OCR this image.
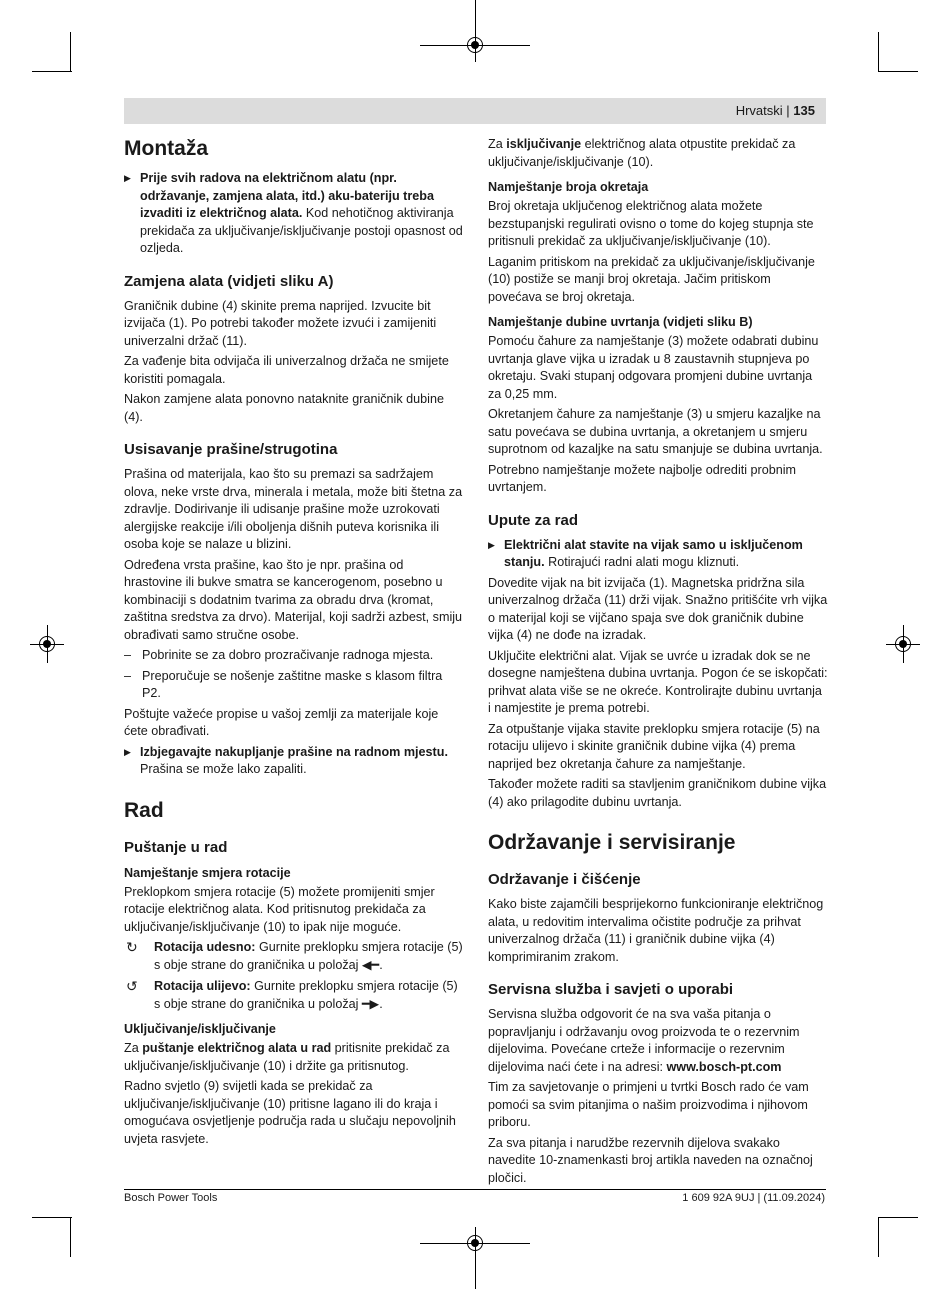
Hrvatski | 135
Montaža

▶ Prije svih radova na električnom alatu (npr. održavanje, zamjena alata, itd.) aku-bateriju treba izvaditi iz električnog alata. Kod nehotičnog aktiviranja prekidača za uključivanje/isključivanje postoji opasnost od ozljeda.

Zamjena alata (vidjeti sliku A)

Graničnik dubine (4) skinite prema naprijed. Izvucite bit izvijača (1). Po potrebi također možete izvući i zamijeniti univerzalni držač (11).

Za vađenje bita odvijača ili univerzalnog držača ne smijete koristiti pomagala.

Nakon zamjene alata ponovno nataknite graničnik dubine (4).

Usisavanje prašine/strugotina

Prašina od materijala, kao što su premazi sa sadržajem olova, neke vrste drva, minerala i metala, može biti štetna za zdravlje. Dodirivanje ili udisanje prašine može uzrokovati alergijske reakcije i/ili oboljenja dišnih puteva korisnika ili osoba koje se nalaze u blizini.

Određena vrsta prašine, kao što je npr. prašina od hrastovine ili bukve smatra se kancerogenom, posebno u kombinaciji s dodatnim tvarima za obradu drva (kromat, zaštitna sredstva za drvo). Materijal, koji sadrži azbest, smiju obrađivati samo stručne osobe.

– Pobrinite se za dobro prozračivanje radnoga mjesta.

– Preporučuje se nošenje zaštitne maske s klasom filtra P2.

Poštujte važeće propise u vašoj zemlji za materijale koje ćete obrađivati.

▶ Izbjegavajte nakupljanje prašine na radnom mjestu.
Prašina se može lako zapaliti.

Rad
Puštanje u rad
Namještanje smjera rotacije

Preklopkom smjera rotacije (5) možete promijeniti smjer rotacije električnog alata. Kod pritisnutog prekidača za uključivanje/isključivanje (10) to ipak nije moguće.

↻ Rotacija udesno: Gurnite preklopku smjera rotacije (5) s obje strane do graničnika u položaj ◀━.

↺ Rotacija ulijevo: Gurnite preklopku smjera rotacije (5) s obje strane do graničnika u položaj ━▶.

Uključivanje/isključivanje

Za puštanje električnog alata u rad pritisnite prekidač za uključivanje/isključivanje (10) i držite ga pritisnutog.

Radno svjetlo (9) svijetli kada se prekidač za uključivanje/isključivanje (10) pritisne lagano ili do kraja i omogućava osvjetljenje područja rada u slučaju nepovoljnih uvjeta rasvjete.

Za isključivanje električnog alata otpustite prekidač za uključivanje/isključivanje (10).

Namještanje broja okretaja

Broj okretaja uključenog električnog alata možete bezstupanjski regulirati ovisno o tome do kojeg stupnja ste pritisnuli prekidač za uključivanje/isključivanje (10).

Laganim pritiskom na prekidač za uključivanje/isključivanje (10) postiže se manji broj okretaja. Jačim pritiskom povećava se broj okretaja.

Namještanje dubine uvrtanja (vidjeti sliku B)

Pomoću čahure za namještanje (3) možete odabrati dubinu uvrtanja glave vijka u izradak u 8 zaustavnih stupnjeva po okretaju. Svaki stupanj odgovara promjeni dubine uvrtanja za 0,25 mm.

Okretanjem čahure za namještanje (3) u smjeru kazaljke na satu povećava se dubina uvrtanja, a okretanjem u smjeru suprotnom od kazaljke na satu smanjuje se dubina uvrtanja.

Potrebno namještanje možete najbolje odrediti probnim uvrtanjem.

Upute za rad

▶ Električni alat stavite na vijak samo u isključenom stanju. Rotirajući radni alati mogu kliznuti.

Dovedite vijak na bit izvijača (1). Magnetska pridržna sila univerzalnog držača (11) drži vijak. Snažno pritišćite vrh vijka o materijal koji se vijčano spaja sve dok graničnik dubine vijka (4) ne dođe na izradak.

Uključite električni alat. Vijak se uvrće u izradak dok se ne dosegne namještena dubina uvrtanja. Pogon će se iskopčati: prihvat alata više se ne okreće. Kontrolirajte dubinu uvrtanja i namjestite je prema potrebi.

Za otpuštanje vijaka stavite preklopku smjera rotacije (5) na rotaciju ulijevo i skinite graničnik dubine vijka (4) prema naprijed bez okretanja čahure za namještanje.

Također možete raditi sa stavljenim graničnikom dubine vijka (4) ako prilagodite dubinu uvrtanja.

Održavanje i servisiranje
Održavanje i čišćenje

Kako biste zajamčili besprijekorno funkcioniranje električnog alata, u redovitim intervalima očistite područje za prihvat univerzalnog držača (11) i graničnik dubine vijka (4) komprimiranim zrakom.

Servisna služba i savjeti o uporabi

Servisna služba odgovorit će na sva vaša pitanja o popravljanju i održavanju ovog proizvoda te o rezervnim dijelovima. Povećane crteže i informacije o rezervnim dijelovima naći ćete i na adresi: www.bosch-pt.com

Tim za savjetovanje o primjeni u tvrtki Bosch rado će vam pomoći sa svim pitanjima o našim proizvodima i njihovom priboru.

Za sva pitanja i narudžbe rezervnih dijelova svakako navedite 10-znamenkasti broj artikla naveden na označnoj pločici.

Bosch Power Tools	1 609 92A 9UJ | (11.09.2024)
